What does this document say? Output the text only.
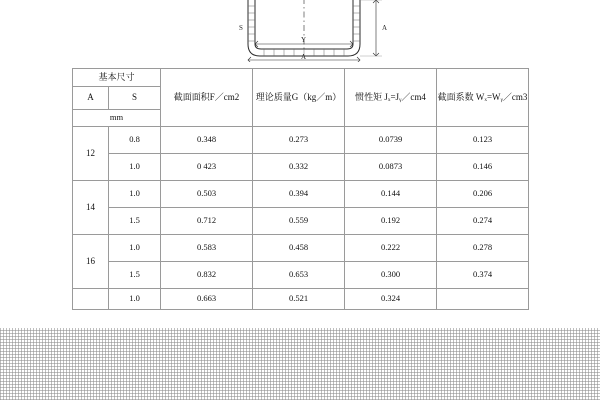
A
Y
A
S
基本尺寸		截面面积F／cm2	理论质量G（kg／m）	惯性矩 Jₓ=Jᵧ／cm4	截面系数 Wₓ=Wᵧ／cm3
A	S				
mm					
12	0.8	0.348	0.273	0.0739	0.123
	1.0	0 423	0.332	0.0873	0.146
14	1.0	0.503	0.394	0.144	0.206
	1.5	0.712	0.559	0.192	0.274
16	1.0	0.583	0.458	0.222	0.278
	1.5	0.832	0.653	0.300	0.374
	1.0	0.663	0.521	0.324	
